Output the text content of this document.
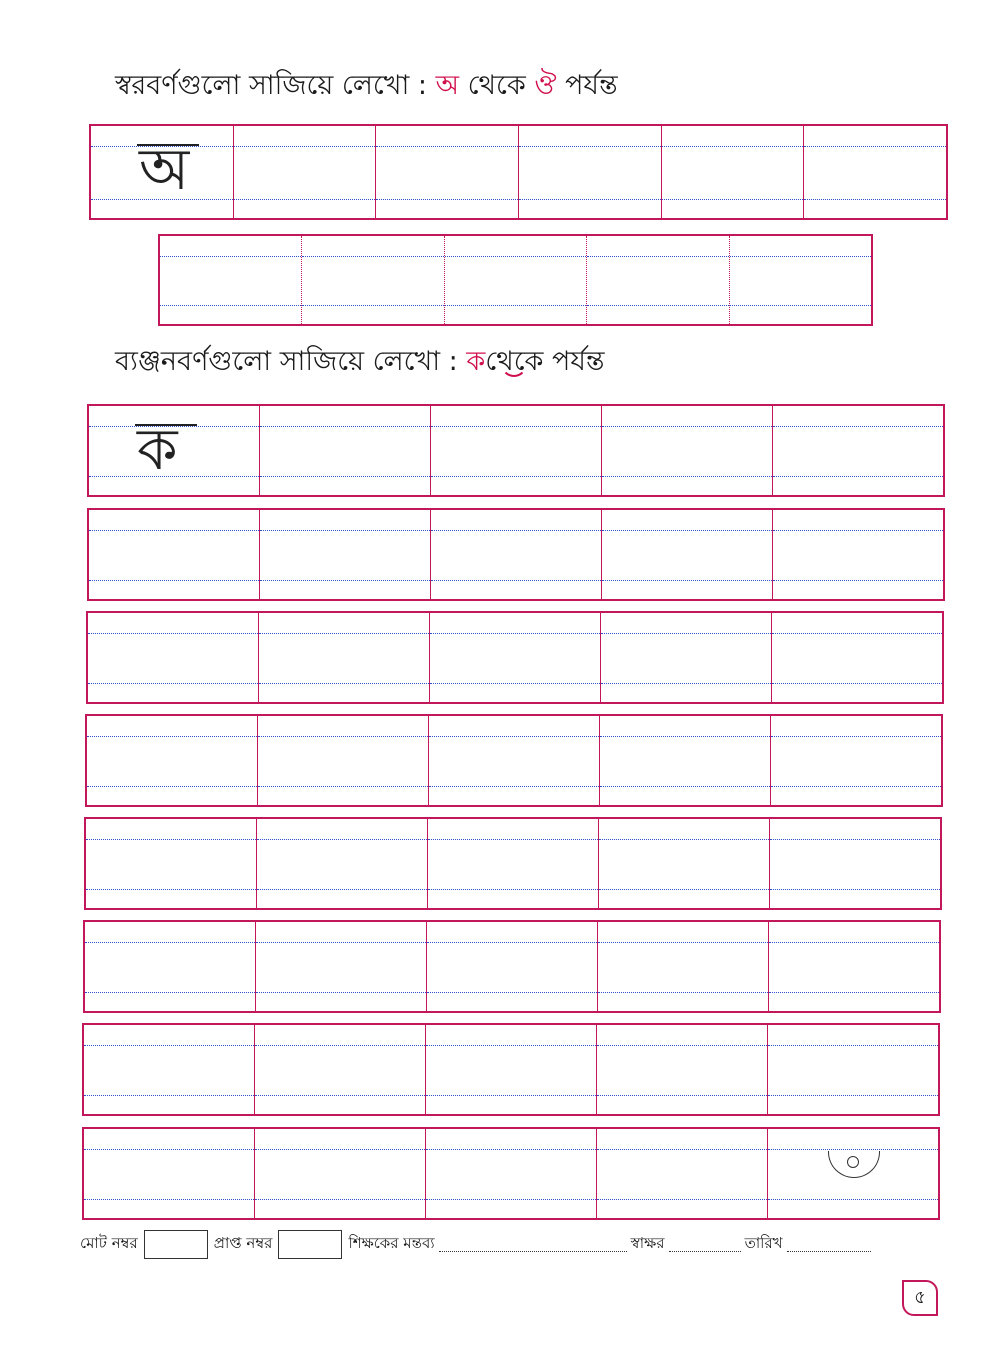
স্বরবর্ণগুলো সাজিয়ে লেখো : অ থেকে ঔ পর্যন্ত
অ
ব্যঞ্জনবর্ণগুলো সাজিয়ে লেখো : কথেকে
পর্যন্ত
ক
মোট নম্বর	প্রাপ্ত নম্বর	শিক্ষকের মন্তব্য	স্বাক্ষর	তারিখ
৫
